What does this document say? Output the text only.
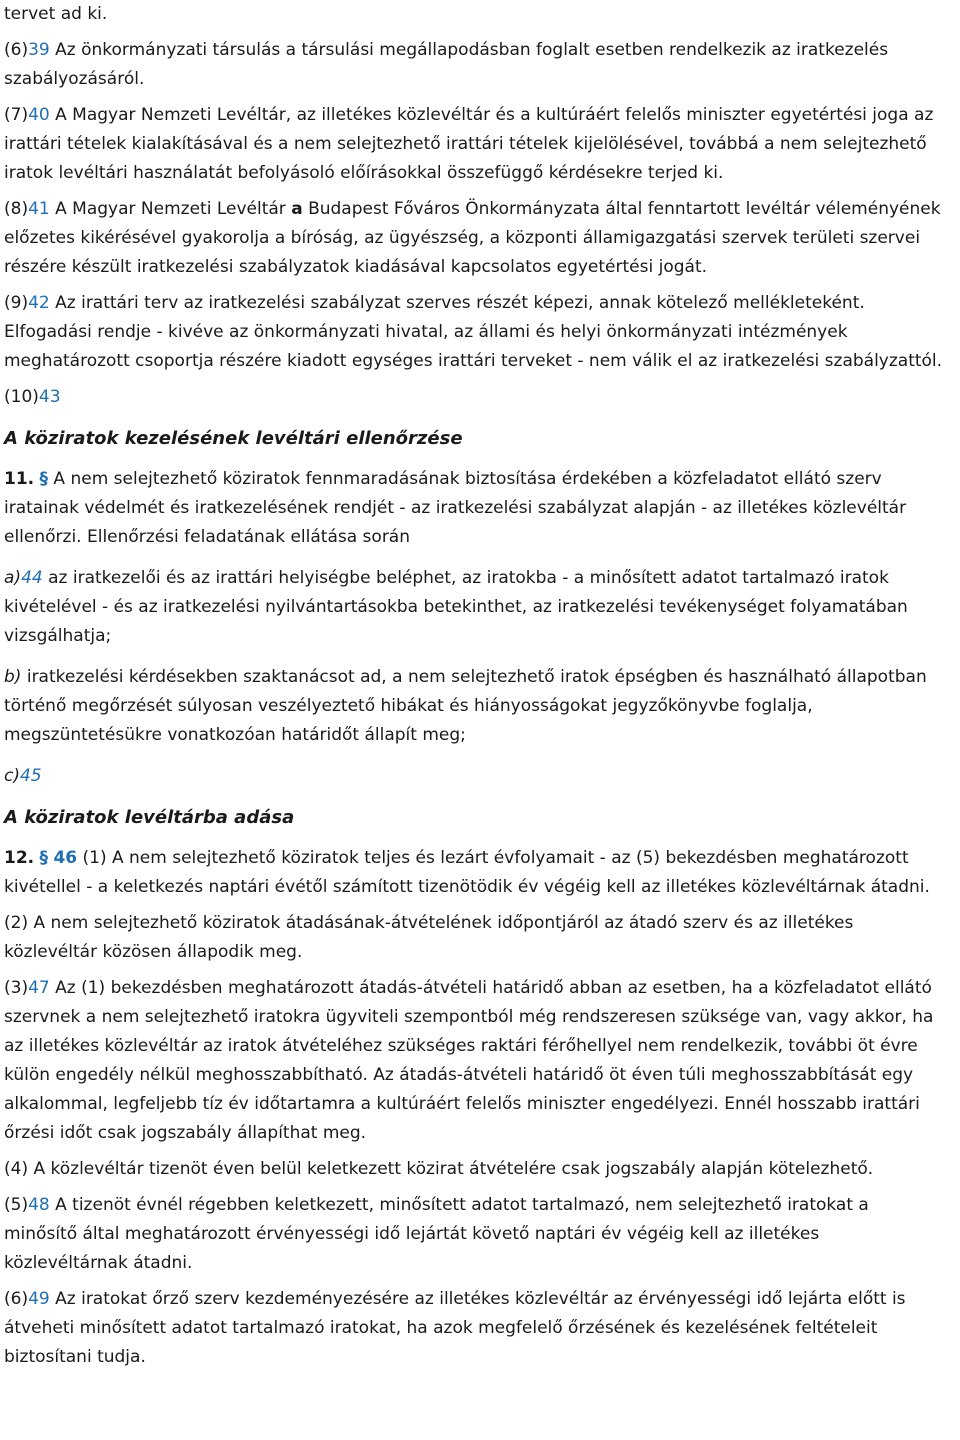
tervet ad ki.

(6)39 Az önkormányzati társulás a társulási megállapodásban foglalt esetben rendelkezik az iratkezelés szabályozásáról.

(7)40 A Magyar Nemzeti Levéltár, az illetékes közlevéltár és a kultúráért felelős miniszter egyetértési joga az irattári tételek kialakításával és a nem selejtezhető irattári tételek kijelölésével, továbbá a nem selejtezhető iratok levéltári használatát befolyásoló előírásokkal összefüggő kérdésekre terjed ki.

(8)41 A Magyar Nemzeti Levéltár a Budapest Főváros Önkormányzata által fenntartott levéltár véleményének előzetes kikérésével gyakorolja a bíróság, az ügyészség, a központi államigazgatási szervek területi szervei részére készült iratkezelési szabályzatok kiadásával kapcsolatos egyetértési jogát.

(9)42 Az irattári terv az iratkezelési szabályzat szerves részét képezi, annak kötelező mellékleteként. Elfogadási rendje - kivéve az önkormányzati hivatal, az állami és helyi önkormányzati intézmények meghatározott csoportja részére kiadott egységes irattári terveket - nem válik el az iratkezelési szabályzattól.

(10)43

A köziratok kezelésének levéltári ellenőrzése

11. § A nem selejtezhető köziratok fennmaradásának biztosítása érdekében a közfeladatot ellátó szerv iratainak védelmét és iratkezelésének rendjét - az iratkezelési szabályzat alapján - az illetékes közlevéltár ellenőrzi. Ellenőrzési feladatának ellátása során

a)44 az iratkezelői és az irattári helyiségbe beléphet, az iratokba - a minősített adatot tartalmazó iratok kivételével - és az iratkezelési nyilvántartásokba betekinthet, az iratkezelési tevékenységet folyamatában vizsgálhatja;

b) iratkezelési kérdésekben szaktanácsot ad, a nem selejtezhető iratok épségben és használható állapotban történő megőrzését súlyosan veszélyeztető hibákat és hiányosságokat jegyzőkönyvbe foglalja, megszüntetésükre vonatkozóan határidőt állapít meg;

c)45

A köziratok levéltárba adása

12. § 46 (1) A nem selejtezhető köziratok teljes és lezárt évfolyamait - az (5) bekezdésben meghatározott kivétellel - a keletkezés naptári évétől számított tizenötödik év végéig kell az illetékes közlevéltárnak átadni.

(2) A nem selejtezhető köziratok átadásának-átvételének időpontjáról az átadó szerv és az illetékes közlevéltár közösen állapodik meg.

(3)47 Az (1) bekezdésben meghatározott átadás-átvételi határidő abban az esetben, ha a közfeladatot ellátó szervnek a nem selejtezhető iratokra ügyviteli szempontból még rendszeresen szüksége van, vagy akkor, ha az illetékes közlevéltár az iratok átvételéhez szükséges raktári férőhellyel nem rendelkezik, további öt évre külön engedély nélkül meghosszabbítható. Az átadás-átvételi határidő öt éven túli meghosszabbítását egy alkalommal, legfeljebb tíz év időtartamra a kultúráért felelős miniszter engedélyezi. Ennél hosszabb irattári őrzési időt csak jogszabály állapíthat meg.

(4) A közlevéltár tizenöt éven belül keletkezett közirat átvételére csak jogszabály alapján kötelezhető.

(5)48 A tizenöt évnél régebben keletkezett, minősített adatot tartalmazó, nem selejtezhető iratokat a minősítő által meghatározott érvényességi idő lejártát követő naptári év végéig kell az illetékes közlevéltárnak átadni.

(6)49 Az iratokat őrző szerv kezdeményezésére az illetékes közlevéltár az érvényességi idő lejárta előtt is átveheti minősített adatot tartalmazó iratokat, ha azok megfelelő őrzésének és kezelésének feltételeit biztosítani tudja.
